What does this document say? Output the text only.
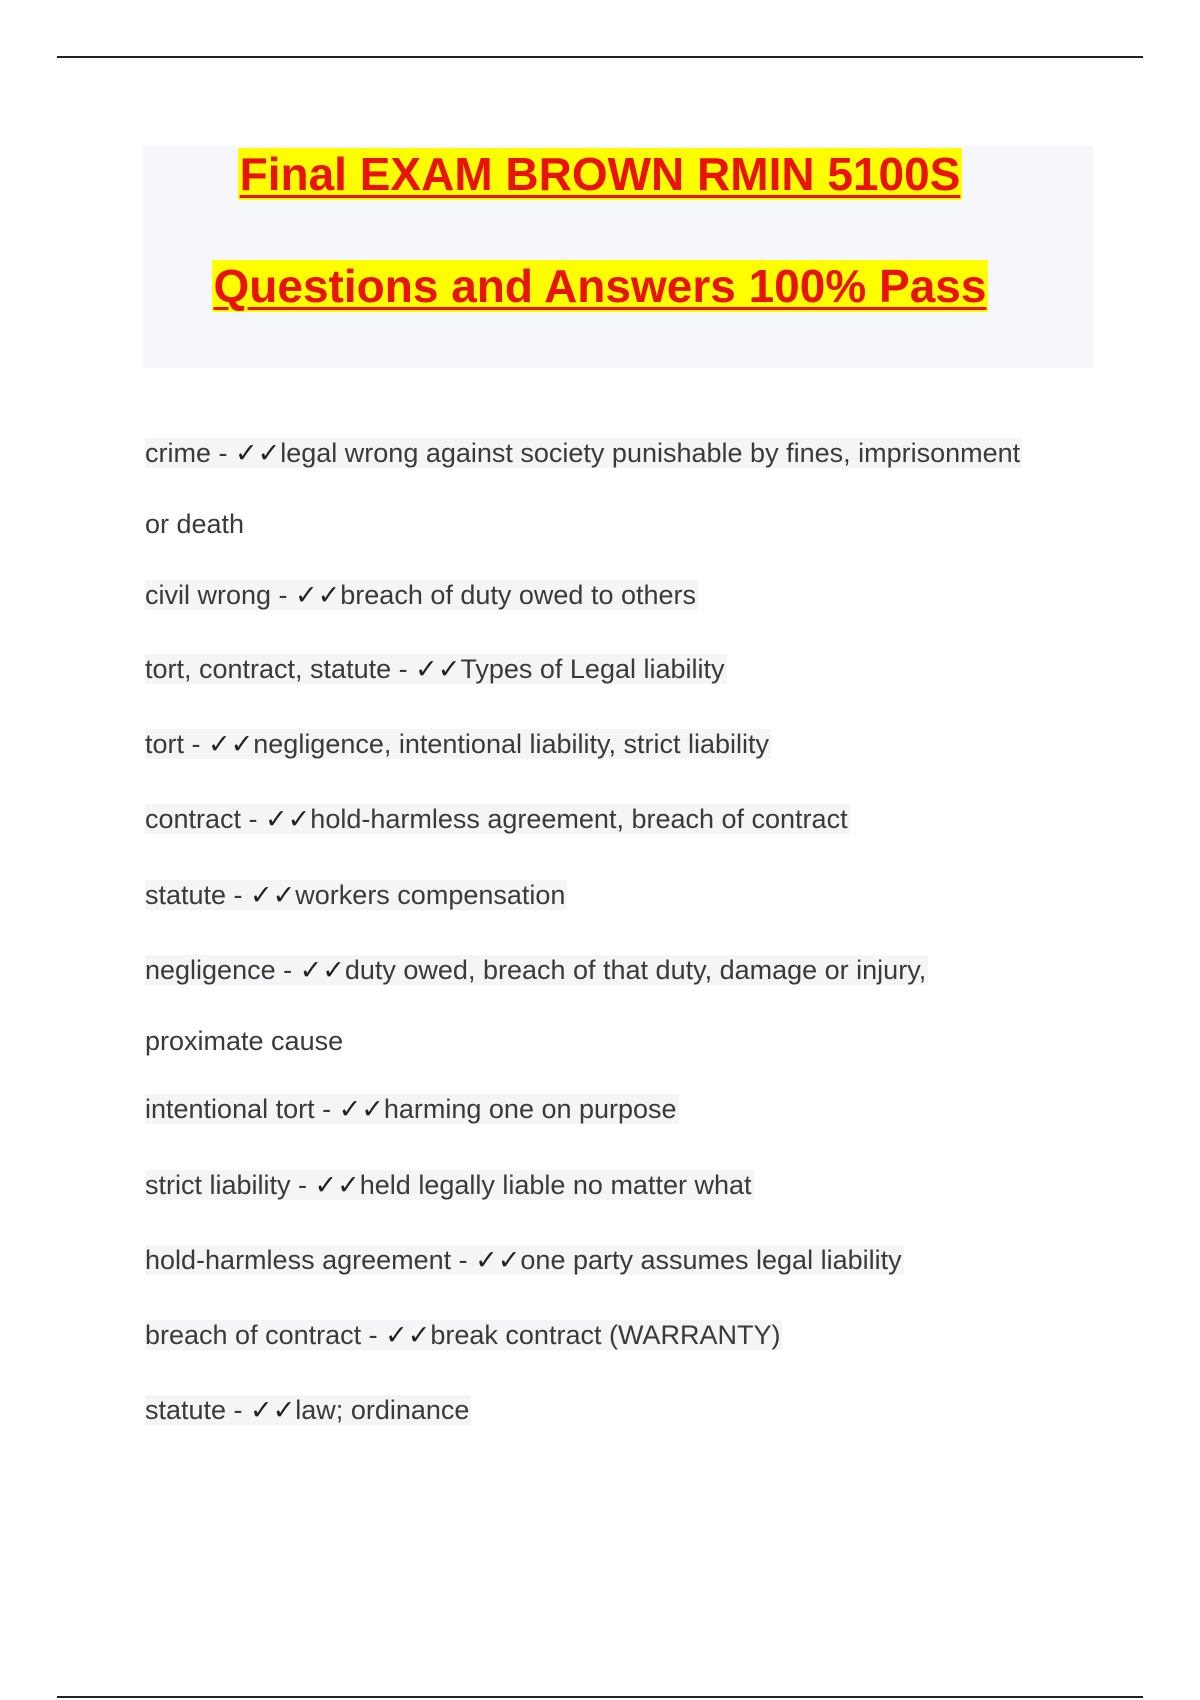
Final EXAM BROWN RMIN 5100S
Questions and Answers 100% Pass
crime - ✓✓legal wrong against society punishable by fines, imprisonment
or death
civil wrong - ✓✓breach of duty owed to others
tort, contract, statute - ✓✓Types of Legal liability
tort - ✓✓negligence, intentional liability, strict liability
contract - ✓✓hold-harmless agreement, breach of contract
statute - ✓✓workers compensation
negligence - ✓✓duty owed, breach of that duty, damage or injury,
proximate cause
intentional tort - ✓✓harming one on purpose
strict liability - ✓✓held legally liable no matter what
hold-harmless agreement - ✓✓one party assumes legal liability
breach of contract - ✓✓break contract (WARRANTY)
statute - ✓✓law; ordinance
